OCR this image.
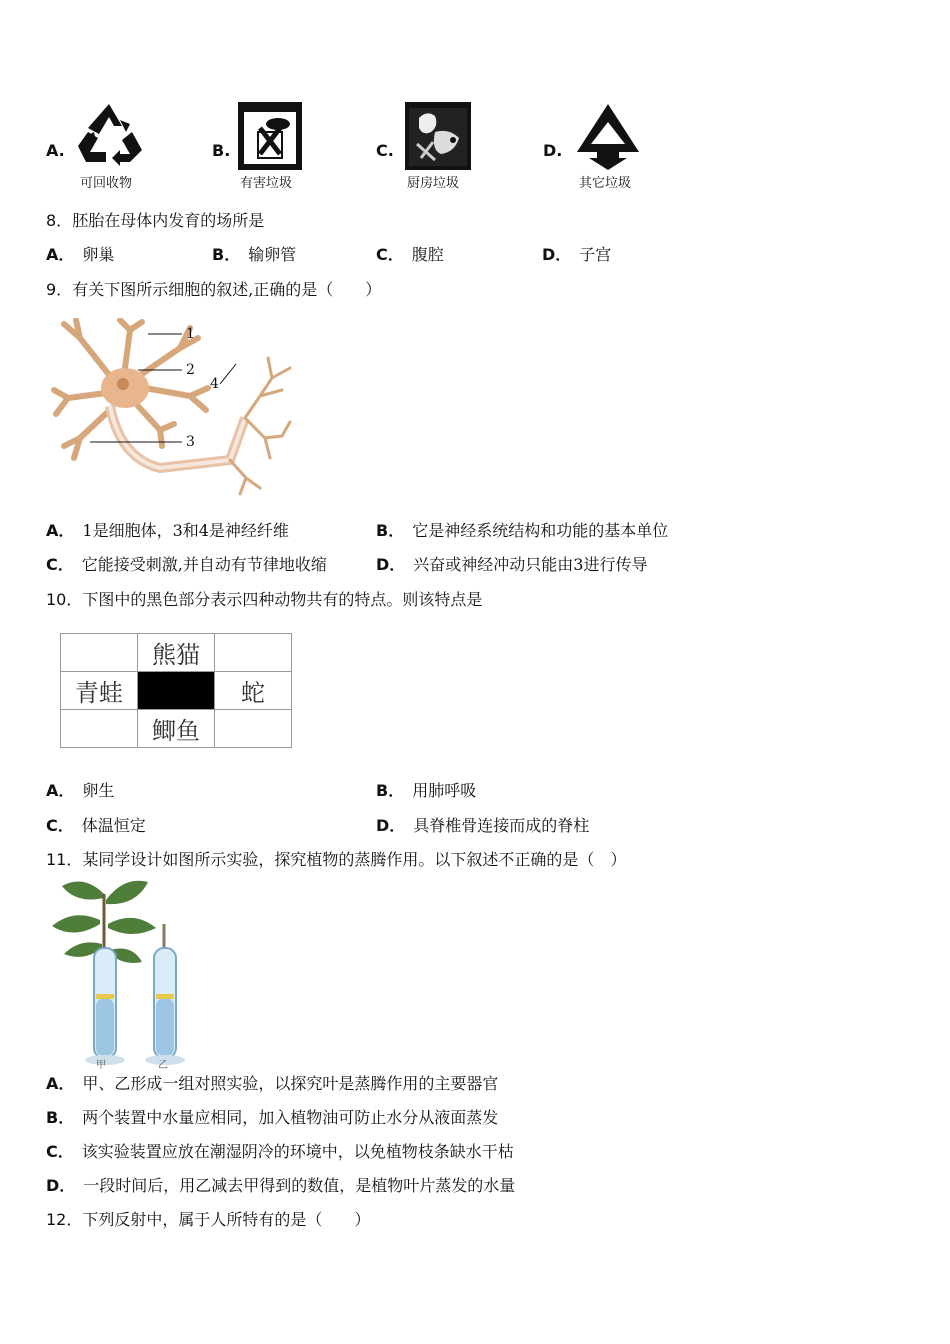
A.
可回收物
B.
有害垃圾
C.
厨房垃圾
D.
其它垃圾
8．胚胎在母体内发育的场所是
A． 卵巢	B． 输卵管	C． 腹腔	D． 子宫
9．有关下图所示细胞的叙述,正确的是（　　）
1
2
3
4
A． 1是细胞体，3和4是神经纤维	B． 它是神经系统结构和功能的基本单位
C． 它能接受刺激,并自动有节律地收缩	D． 兴奋或神经冲动只能由3进行传导
10．下图中的黑色部分表示四种动物共有的特点。则该特点是
	熊猫	
青蛙		蛇
	鲫鱼	
A． 卵生	B． 用肺呼吸
C． 体温恒定	D． 具脊椎骨连接而成的脊柱
11．某同学设计如图所示实验，探究植物的蒸腾作用。以下叙述不正确的是（　）
甲	乙
A． 甲、乙形成一组对照实验，以探究叶是蒸腾作用的主要器官
B． 两个装置中水量应相同，加入植物油可防止水分从液面蒸发
C． 该实验装置应放在潮湿阴冷的环境中，以免植物枝条缺水干枯
D． 一段时间后，用乙减去甲得到的数值，是植物叶片蒸发的水量
12．下列反射中，属于人所特有的是（　　）
